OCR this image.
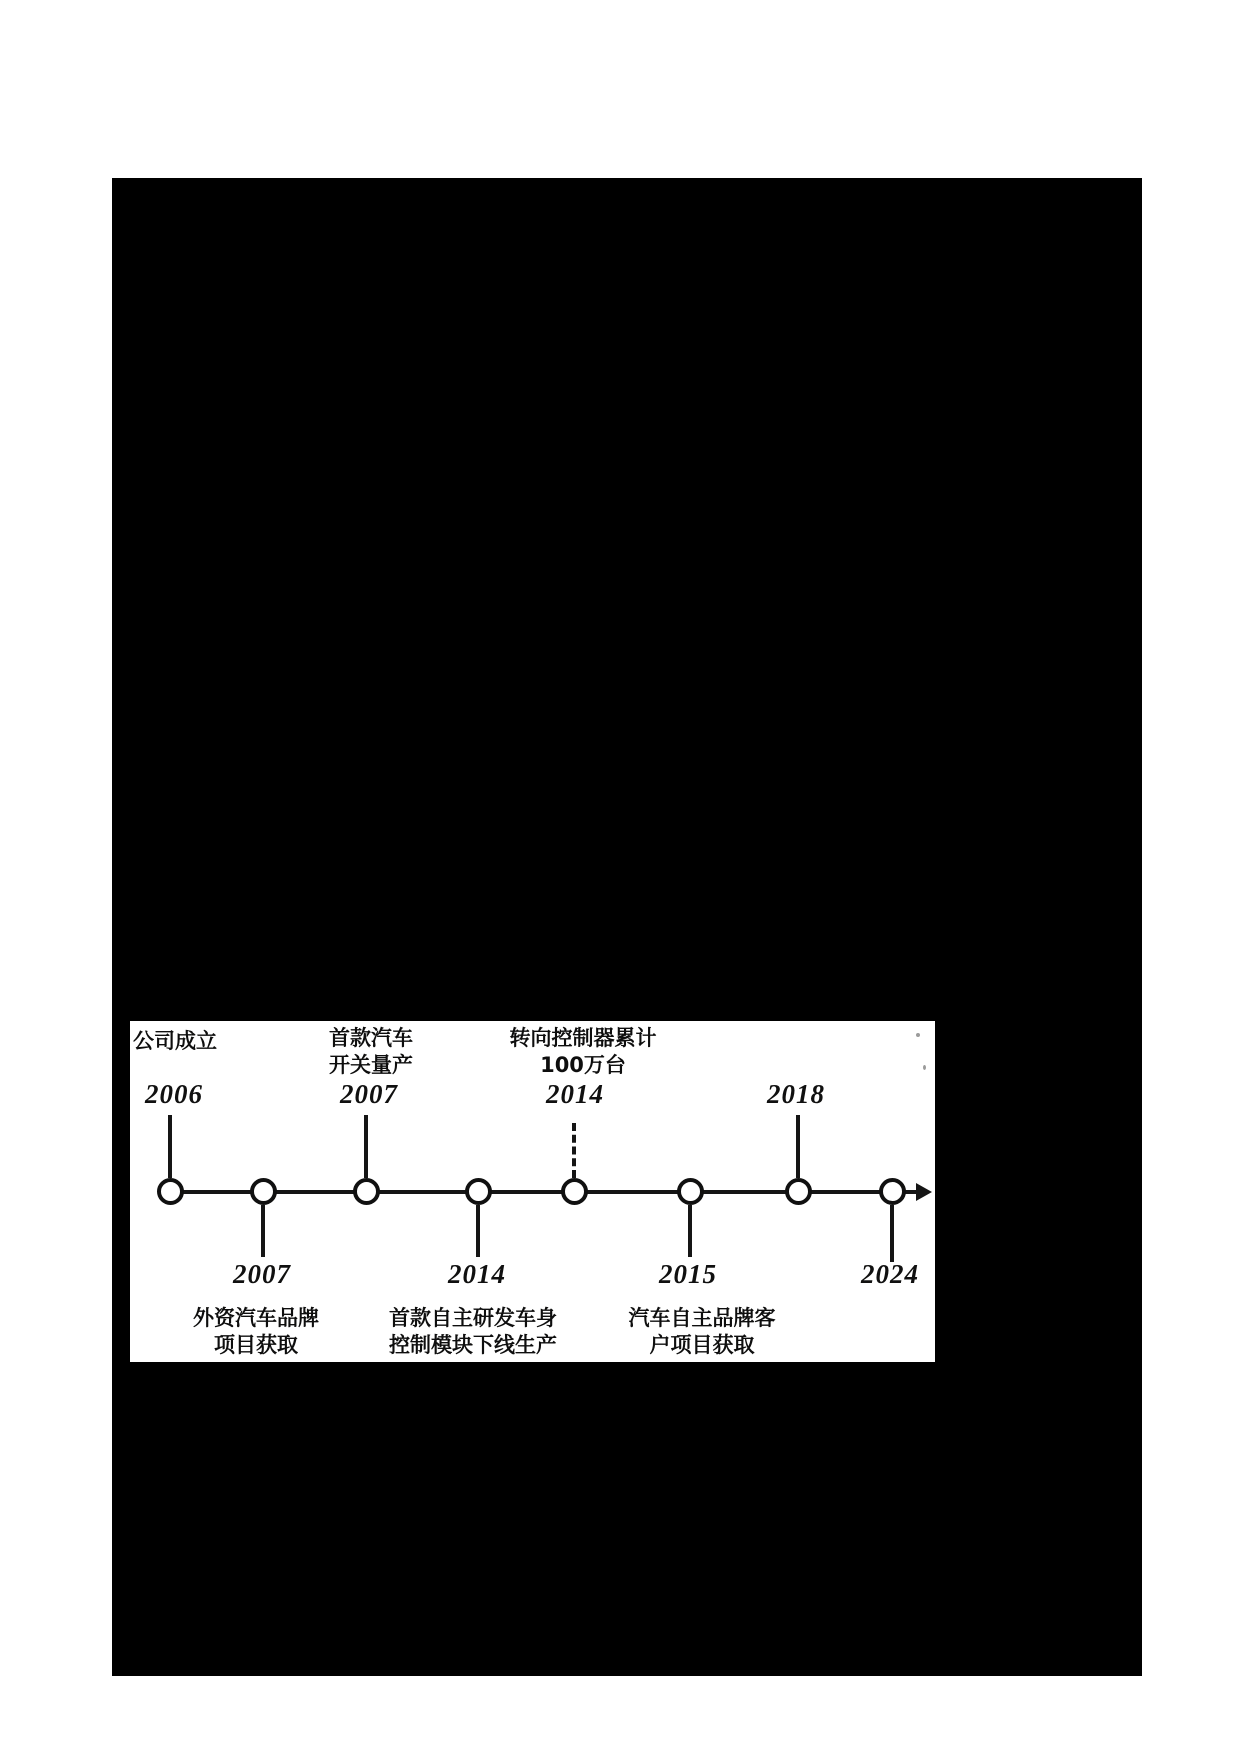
公司成立	首款汽车
开关量产
转向控制器累计
100万台
2006	2007	2014	2018
2007	2014	2015	2024
外资汽车品牌
项目获取
首款自主研发车身
控制模块下线生产
汽车自主品牌客
户项目获取
